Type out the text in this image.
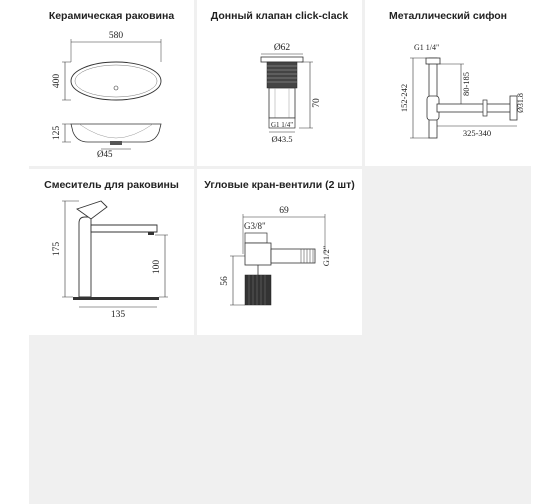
Керамическая раковина
580
400
125
Ø45
Донный клапан click-clack
Ø62
G1 1/4"
Ø43.5
70
Металлический сифон
G1 1/4"
152-242	80-185
325-340
Ø31.8
Смеситель для раковины
175
100
135
Угловые кран-вентили (2 шт)
69
G3/8"
56
G1/2"
